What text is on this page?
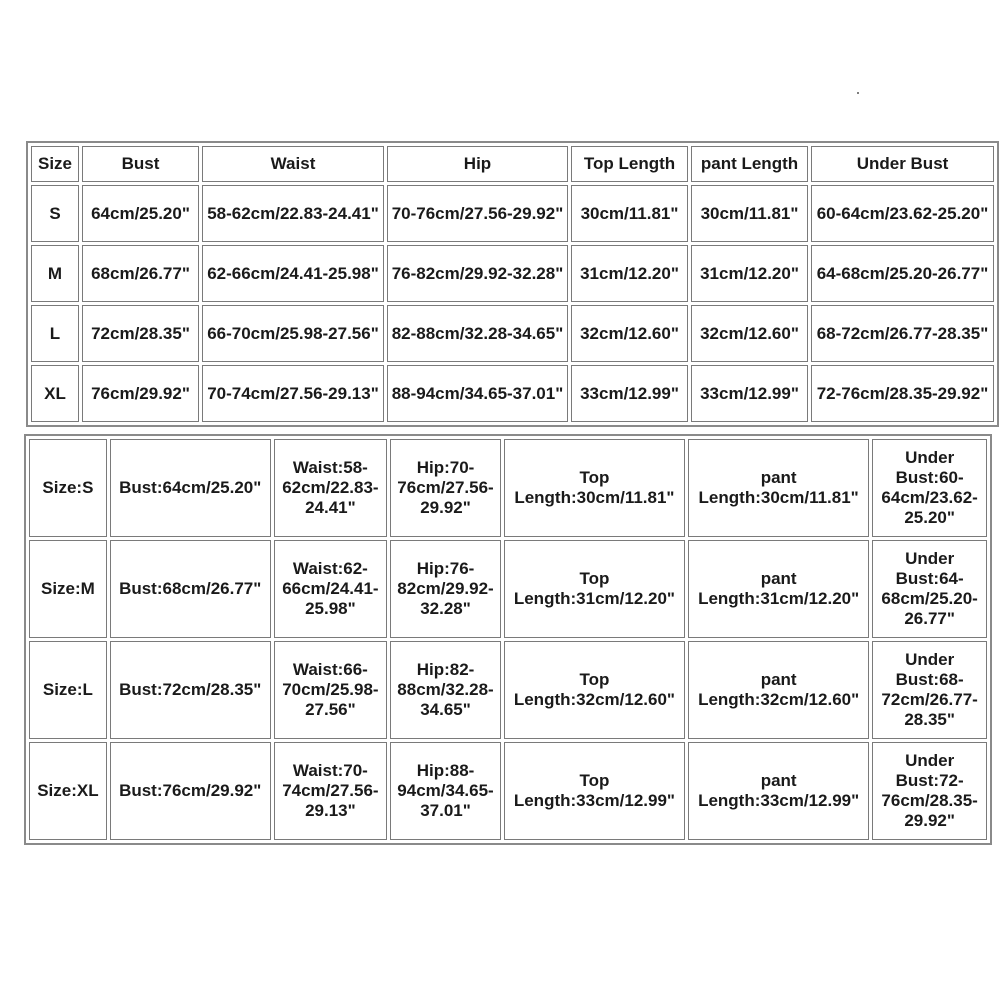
Size	Bust	Waist	Hip	Top Length	pant Length	Under Bust
S	64cm/25.20"	58-62cm/22.83-24.41"	70-76cm/27.56-29.92"	30cm/11.81"	30cm/11.81"	60-64cm/23.62-25.20"
M	68cm/26.77"	62-66cm/24.41-25.98"	76-82cm/29.92-32.28"	31cm/12.20"	31cm/12.20"	64-68cm/25.20-26.77"
L	72cm/28.35"	66-70cm/25.98-27.56"	82-88cm/32.28-34.65"	32cm/12.60"	32cm/12.60"	68-72cm/26.77-28.35"
XL	76cm/29.92"	70-74cm/27.56-29.13"	88-94cm/34.65-37.01"	33cm/12.99"	33cm/12.99"	72-76cm/28.35-29.92"
Size:S	Bust:64cm/25.20"	Waist:58-62cm/22.83-24.41"	Hip:70-76cm/27.56-29.92"	Top Length:30cm/11.81"	pant Length:30cm/11.81"	Under Bust:60-64cm/23.62-25.20"
Size:M	Bust:68cm/26.77"	Waist:62-66cm/24.41-25.98"	Hip:76-82cm/29.92-32.28"	Top Length:31cm/12.20"	pant Length:31cm/12.20"	Under Bust:64-68cm/25.20-26.77"
Size:L	Bust:72cm/28.35"	Waist:66-70cm/25.98-27.56"	Hip:82-88cm/32.28-34.65"	Top Length:32cm/12.60"	pant Length:32cm/12.60"	Under Bust:68-72cm/26.77-28.35"
Size:XL	Bust:76cm/29.92"	Waist:70-74cm/27.56-29.13"	Hip:88-94cm/34.65-37.01"	Top Length:33cm/12.99"	pant Length:33cm/12.99"	Under Bust:72-76cm/28.35-29.92"
